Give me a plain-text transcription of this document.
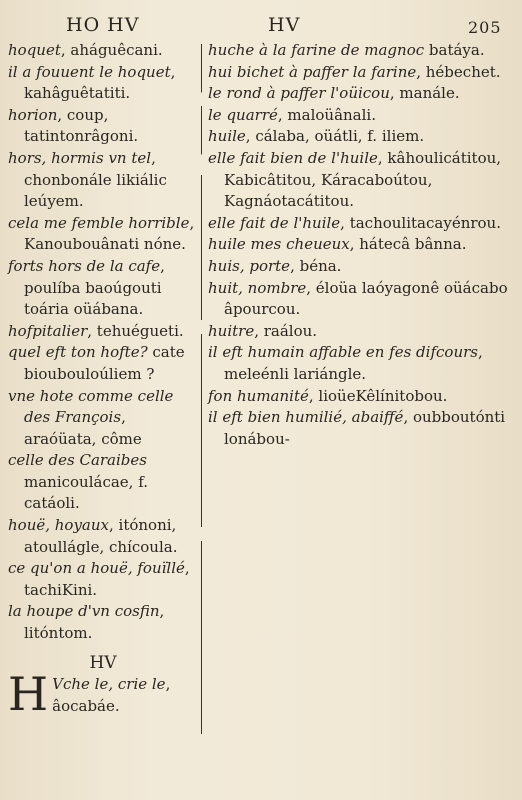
HO HV	HV	205
hoquet, aháguêcani.
il a fouuent le hoquet, kahâguêtatiti.
horion, coup, tatintonrâgoni.
hors, hormis vn tel, chonbonále likiálic leúyem.
cela me femble horrible, Kanoubouânati nóne.
forts hors de la cafe, poulíba baoúgouti toária oüábana.
hofpitalier, tehuégueti.
quel eft ton hofte? cate bioubouloúliem ?
vne hote comme celle des François, araóüata, côme
celle des Caraibes manicoulácae, f. catáoli.
houë, hoyaux, itónoni, atoullágle, chícoula.
ce qu'on a houë, fouïllé, tachiKini.
la houpe d'vn cosfin, litóntom.
HV
H Vche le, crie le, âocabáe.
huche à la farine de magnoc batáya.
hui bichet à paffer la farine, hébechet.
le rond à paffer l'oüicou, manále.
le quarré, maloüânali.
huile, cálaba, oüátli, f. iliem.
elle fait bien de l'huile, kâhoulicátitou, Kabicâtitou, Káracaboútou, Kagnáotacátitou.
elle fait de l'huile, tachoulitacayénrou.
huile mes cheueux, hátecâ bânna.
huis, porte, béna.
huit, nombre, éloüa laóyagonê oüácabo âpourcou.
huitre, raálou.
il eft humain affable en fes difcours, meleénli lariángle.
fon humanité, lioüeKêlínitobou.
il eft bien humilié, abaiffé, oubboutónti lonábou-
